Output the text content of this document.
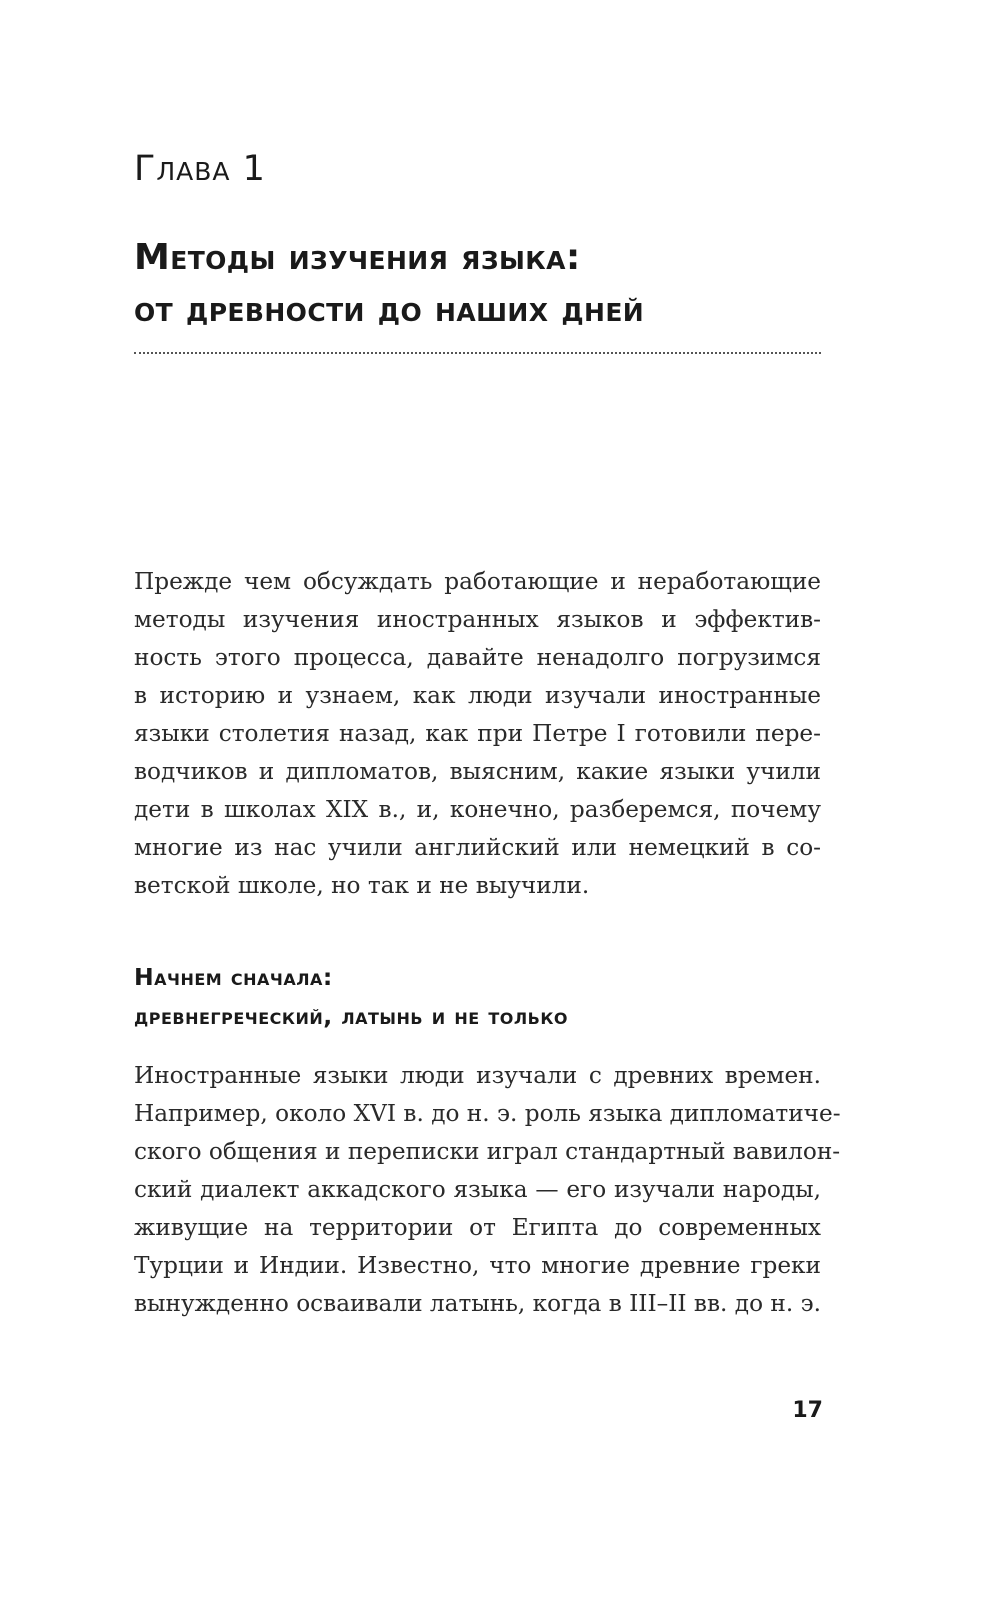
Глава 1
Методы изучения языка:
от древности до наших дней
Прежде чем обсуждать работающие и неработающие
методы изучения иностранных языков и эффектив-
ность этого процесса, давайте ненадолго погрузимся
в историю и узнаем, как люди изучали иностранные
языки столетия назад, как при Петре I готовили пере-
водчиков и дипломатов, выясним, какие языки учили
дети в школах XIX в., и, конечно, разберемся, почему
многие из нас учили английский или немецкий в со-
ветской школе, но так и не выучили.
Начнем сначала:
древнегреческий, латынь и не только
Иностранные языки люди изучали с древних времен.
Например, около XVI в. до н. э. роль языка дипломатиче-
ского общения и переписки играл стандартный вавилон-
ский диалект аккадского языка — его изучали народы,
живущие на территории от Египта до современных
Турции и Индии. Известно, что многие древние греки
вынужденно осваивали латынь, когда в III–II вв. до н. э.
17
